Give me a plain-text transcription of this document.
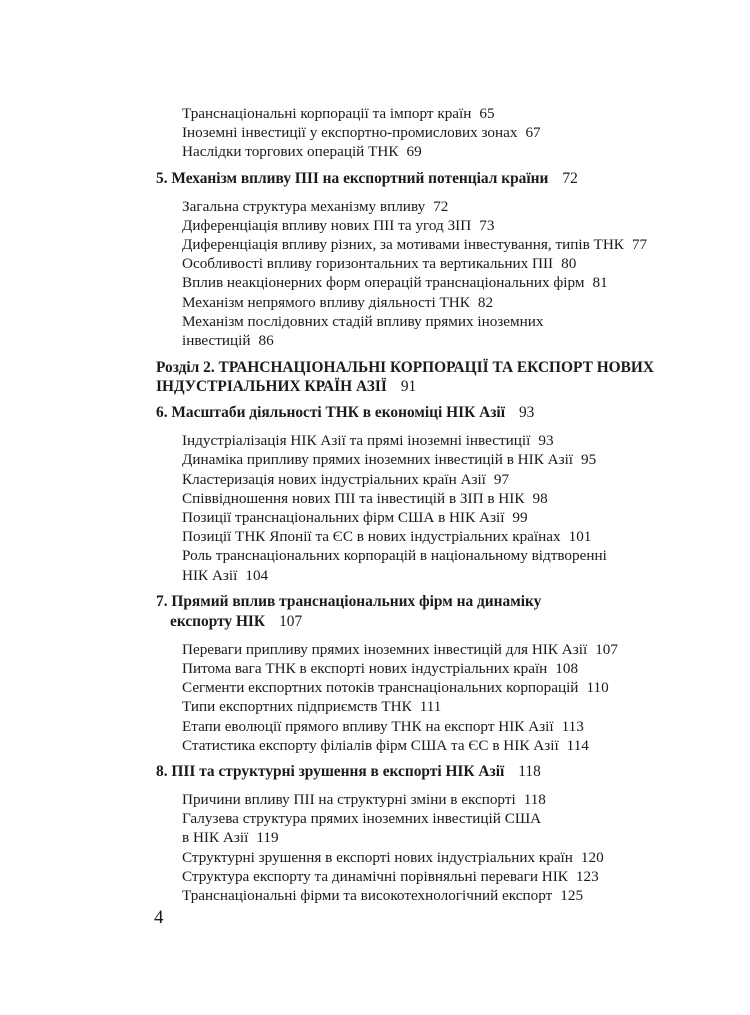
Транснаціональні корпорації та імпорт країн 65
Іноземні інвестиції у експортно-промислових зонах 67
Наслідки торгових операцій ТНК 69
5. Механізм впливу ПІІ на експортний потенціал країни 72
Загальна структура механізму впливу 72
Диференціація впливу нових ПІІ та угод ЗІП 73
Диференціація впливу різних, за мотивами інвестування, типів ТНК 77
Особливості впливу горизонтальних та вертикальних ПІІ 80
Вплив неакціонерних форм операцій транснаціональних фірм 81
Механізм непрямого впливу діяльності ТНК 82
Механізм послідовних стадій впливу прямих іноземних
інвестицій 86
Розділ 2. ТРАНСНАЦІОНАЛЬНІ КОРПОРАЦІЇ ТА ЕКСПОРТ НОВИХ
ІНДУСТРІАЛЬНИХ КРАЇН АЗІЇ 91
6. Масштаби діяльності ТНК в економіці НІК Азії 93
Індустріалізація НІК Азії та прямі іноземні інвестиції 93
Динаміка припливу прямих іноземних інвестицій в НІК Азії 95
Кластеризація нових індустріальних країн Азії 97
Співвідношення нових ПІІ та інвестицій в ЗІП в НІК 98
Позиції транснаціональних фірм США в НІК Азії 99
Позиції ТНК Японії та ЄС в нових індустріальних країнах 101
Роль транснаціональних корпорацій в національному відтворенні
НІК Азії 104
7. Прямий вплив транснаціональних фірм на динаміку
експорту НІК 107
Переваги припливу прямих іноземних інвестицій для НІК Азії 107
Питома вага ТНК в експорті нових індустріальних країн 108
Сегменти експортних потоків транснаціональних корпорацій 110
Типи експортних підприємств ТНК 111
Етапи еволюції прямого впливу ТНК на експорт НІК Азії 113
Статистика експорту філіалів фірм США та ЄС в НІК Азії 114
8. ПІІ та структурні зрушення в експорті НІК Азії 118
Причини впливу ПІІ на структурні зміни в експорті 118
Галузева структура прямих іноземних інвестицій США
в НІК Азії 119
Структурні зрушення в експорті нових індустріальних країн 120
Структура експорту та динамічні порівняльні переваги НІК 123
Транснаціональні фірми та високотехнологічний експорт 125
4
